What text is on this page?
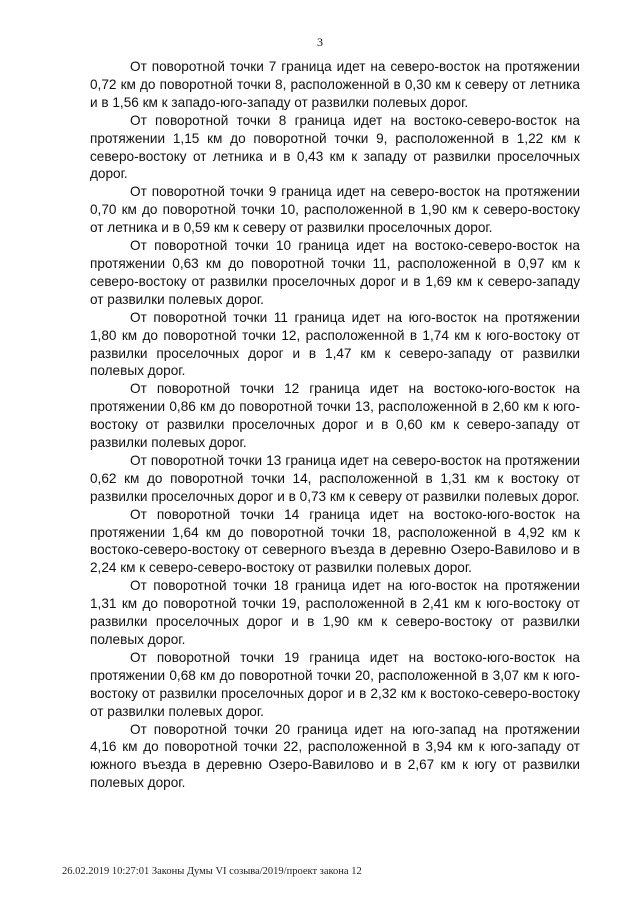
3

От поворотной точки 7 граница идет на северо-восток на протяжении 0,72 км до поворотной точки 8, расположенной в 0,30 км к северу от летника и в 1,56 км к западо-юго-западу от развилки полевых дорог.

От поворотной точки 8 граница идет на востоко-северо-восток на протяжении 1,15 км до поворотной точки 9, расположенной в 1,22 км к северо-востоку от летника и в 0,43 км к западу от развилки проселочных дорог.

От поворотной точки 9 граница идет на северо-восток на протяжении 0,70 км до поворотной точки 10, расположенной в 1,90 км к северо-востоку от летника и в 0,59 км к северу от развилки проселочных дорог.

От поворотной точки 10 граница идет на востоко-северо-восток на протяжении 0,63 км до поворотной точки 11, расположенной в 0,97 км к северо-востоку от развилки проселочных дорог и в 1,69 км к северо-западу от развилки полевых дорог.

От поворотной точки 11 граница идет на юго-восток на протяжении 1,80 км до поворотной точки 12, расположенной в 1,74 км к юго-востоку от развилки проселочных дорог и в 1,47 км к северо-западу от развилки полевых дорог.

От поворотной точки 12 граница идет на востоко-юго-восток на протяжении 0,86 км до поворотной точки 13, расположенной в 2,60 км к юго-востоку от развилки проселочных дорог и в 0,60 км к северо-западу от развилки полевых дорог.

От поворотной точки 13 граница идет на северо-восток на протяжении 0,62 км до поворотной точки 14, расположенной в 1,31 км к востоку от развилки проселочных дорог и в 0,73 км к северу от развилки полевых дорог.

От поворотной точки 14 граница идет на востоко-юго-восток на протяжении 1,64 км до поворотной точки 18, расположенной в 4,92 км к востоко-северо-востоку от северного въезда в деревню Озеро-Вавилово и в 2,24 км к северо-северо-востоку от развилки полевых дорог.

От поворотной точки 18 граница идет на юго-восток на протяжении 1,31 км до поворотной точки 19, расположенной в 2,41 км к юго-востоку от развилки проселочных дорог и в 1,90 км к северо-востоку от развилки полевых дорог.

От поворотной точки 19 граница идет на востоко-юго-восток на протяжении 0,68 км до поворотной точки 20, расположенной в 3,07 км к юго-востоку от развилки проселочных дорог и в 2,32 км к востоко-северо-востоку от развилки полевых дорог.

От поворотной точки 20 граница идет на юго-запад на протяжении 4,16 км до поворотной точки 22, расположенной в 3,94 км к юго-западу от южного въезда в деревню Озеро-Вавилово и в 2,67 км к югу от развилки полевых дорог.

26.02.2019 10:27:01 Законы Думы VI созыва/2019/проект закона 12
